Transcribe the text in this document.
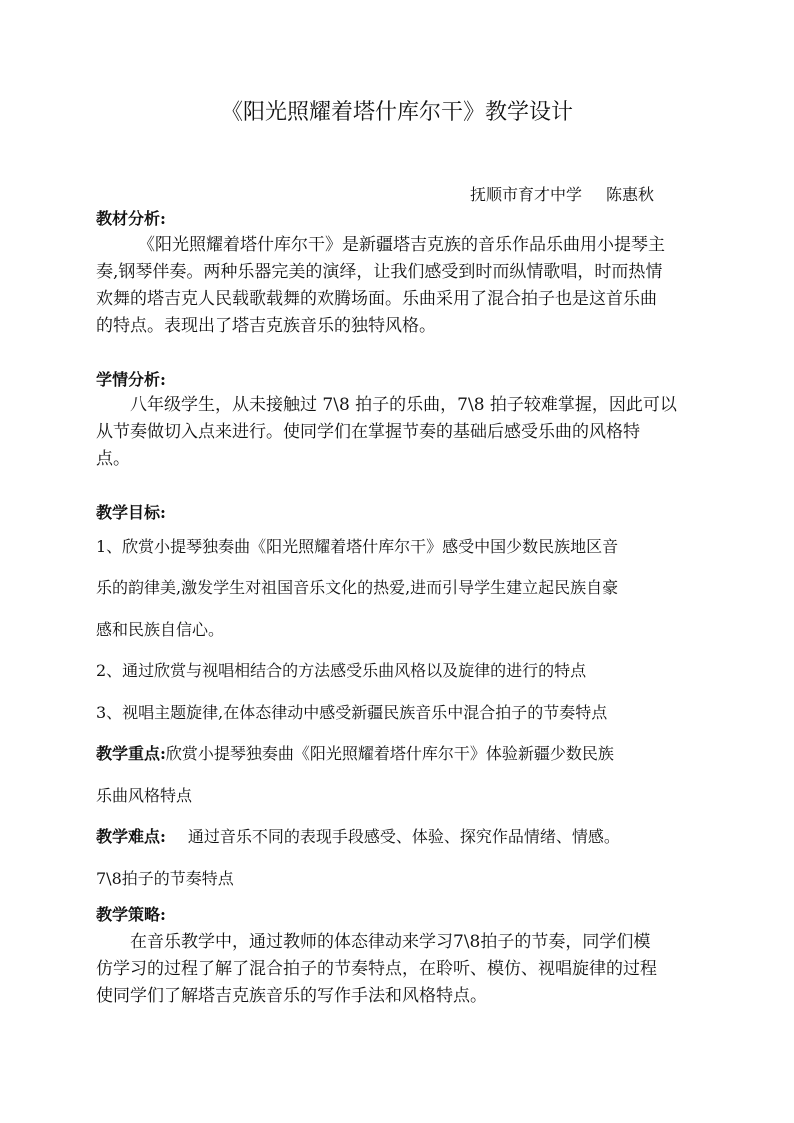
《阳光照耀着塔什库尔干》教学设计
抚顺市育才中学 陈惠秋
教材分析:
《阳光照耀着塔什库尔干》是新疆塔吉克族的音乐作品乐曲用小提琴主
奏,钢琴伴奏。两种乐器完美的演绎，让我们感受到时而纵情歌唱，时而热情
欢舞的塔吉克人民载歌载舞的欢腾场面。乐曲采用了混合拍子也是这首乐曲
的特点。表现出了塔吉克族音乐的独特风格。
学情分析:
八年级学生，从未接触过 7\8 拍子的乐曲，7\8 拍子较难掌握，因此可以
从节奏做切入点来进行。使同学们在掌握节奏的基础后感受乐曲的风格特
点。
教学目标:
1、欣赏小提琴独奏曲《阳光照耀着塔什库尔干》感受中国少数民族地区音
乐的韵律美,激发学生对祖国音乐文化的热爱,进而引导学生建立起民族自豪
感和民族自信心。
2、通过欣赏与视唱相结合的方法感受乐曲风格以及旋律的进行的特点
3、视唱主题旋律,在体态律动中感受新疆民族音乐中混合拍子的节奏特点
教学重点:欣赏小提琴独奏曲《阳光照耀着塔什库尔干》体验新疆少数民族
乐曲风格特点
教学难点: 通过音乐不同的表现手段感受、体验、探究作品情绪、情感。
7\8拍子的节奏特点
教学策略:
在音乐教学中，通过教师的体态律动来学习7\8拍子的节奏，同学们模
仿学习的过程了解了混合拍子的节奏特点，在聆听、模仿、视唱旋律的过程
使同学们了解塔吉克族音乐的写作手法和风格特点。
